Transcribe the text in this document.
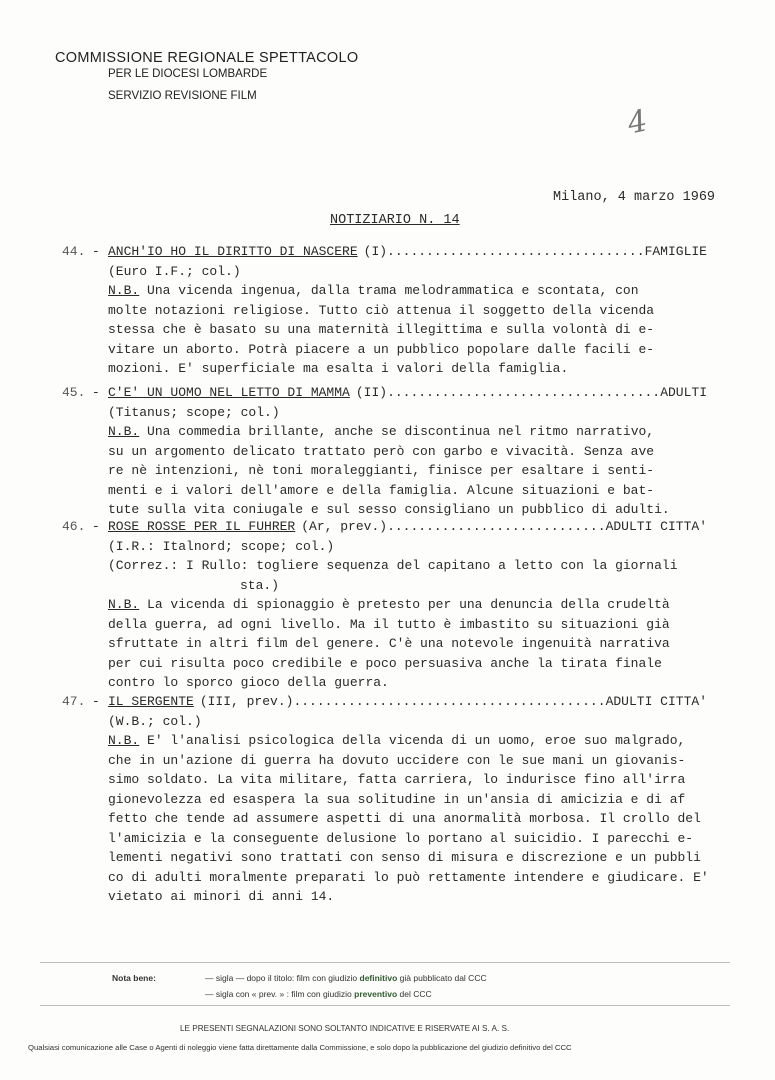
COMMISSIONE REGIONALE SPETTACOLO
PER LE DIOCESI LOMBARDE
SERVIZIO REVISIONE FILM
4
Milano, 4 marzo 1969
NOTIZIARIO N. 14
44. - ANCH'IO HO IL DIRITTO DI NASCERE (I) .....	FAMIGLIE
(Euro I.F.; col.)
N.B. Una vicenda ingenua, dalla trama melodrammatica e scontata, con
molte notazioni religiose. Tutto ciò attenua il soggetto della vicenda
stessa che è basato su una maternità illegittima e sulla volontà di e-
vitare un aborto. Potrà piacere a un pubblico popolare dalle facili e-
mozioni. E' superficiale ma esalta i valori della famiglia.
45. - C'E' UN UOMO NEL LETTO DI MAMMA (II) .....	ADULTI
(Titanus; scope; col.)
N.B. Una commedia brillante, anche se discontinua nel ritmo narrativo,
su un argomento delicato trattato però con garbo e vivacità. Senza ave
re nè intenzioni, nè toni moraleggianti, finisce per esaltare i senti-
menti e i valori dell'amore e della famiglia. Alcune situazioni e bat-
tute sulla vita coniugale e sul sesso consigliano un pubblico di adulti.
46. - ROSE ROSSE PER IL FUHRER (Ar, prev.) .....	ADULTI CITTA'
(I.R.: Italnord; scope; col.)
(Correz.: I Rullo: togliere sequenza del capitano a letto con la giornali
sta.)
N.B. La vicenda di spionaggio è pretesto per una denuncia della crudeltà
della guerra, ad ogni livello. Ma il tutto è imbastito su situazioni già
sfruttate in altri film del genere. C'è una notevole ingenuità narrativa
per cui risulta poco credibile e poco persuasiva anche la tirata finale
contro lo sporco gioco della guerra.
47. - IL SERGENTE (III, prev.) .....	ADULTI CITTA'
(W.B.; col.)
N.B. E' l'analisi psicologica della vicenda di un uomo, eroe suo malgrado,
che in un'azione di guerra ha dovuto uccidere con le sue mani un giovanis-
simo soldato. La vita militare, fatta carriera, lo indurisce fino all'irra
gionevolezza ed esaspera la sua solitudine in un'ansia di amicizia e di af
fetto che tende ad assumere aspetti di una anormalità morbosa. Il crollo del
l'amicizia e la conseguente delusione lo portano al suicidio. I parecchi e-
lementi negativi sono trattati con senso di misura e discrezione e un pubbli
co di adulti moralmente preparati lo può rettamente intendere e giudicare. E'
vietato ai minori di anni 14.
Nota bene:	— sigla — dopo il titolo: film con giudizio definitivo già pubblicato dal CCC
— sigla con « prev. » : film con giudizio preventivo del CCC
LE PRESENTI SEGNALAZIONI SONO SOLTANTO INDICATIVE E RISERVATE AI S. A. S.
Qualsiasi comunicazione alle Case o Agenti di noleggio viene fatta direttamente dalla Commissione, e solo dopo la pubblicazione del giudizio definitivo del CCC
